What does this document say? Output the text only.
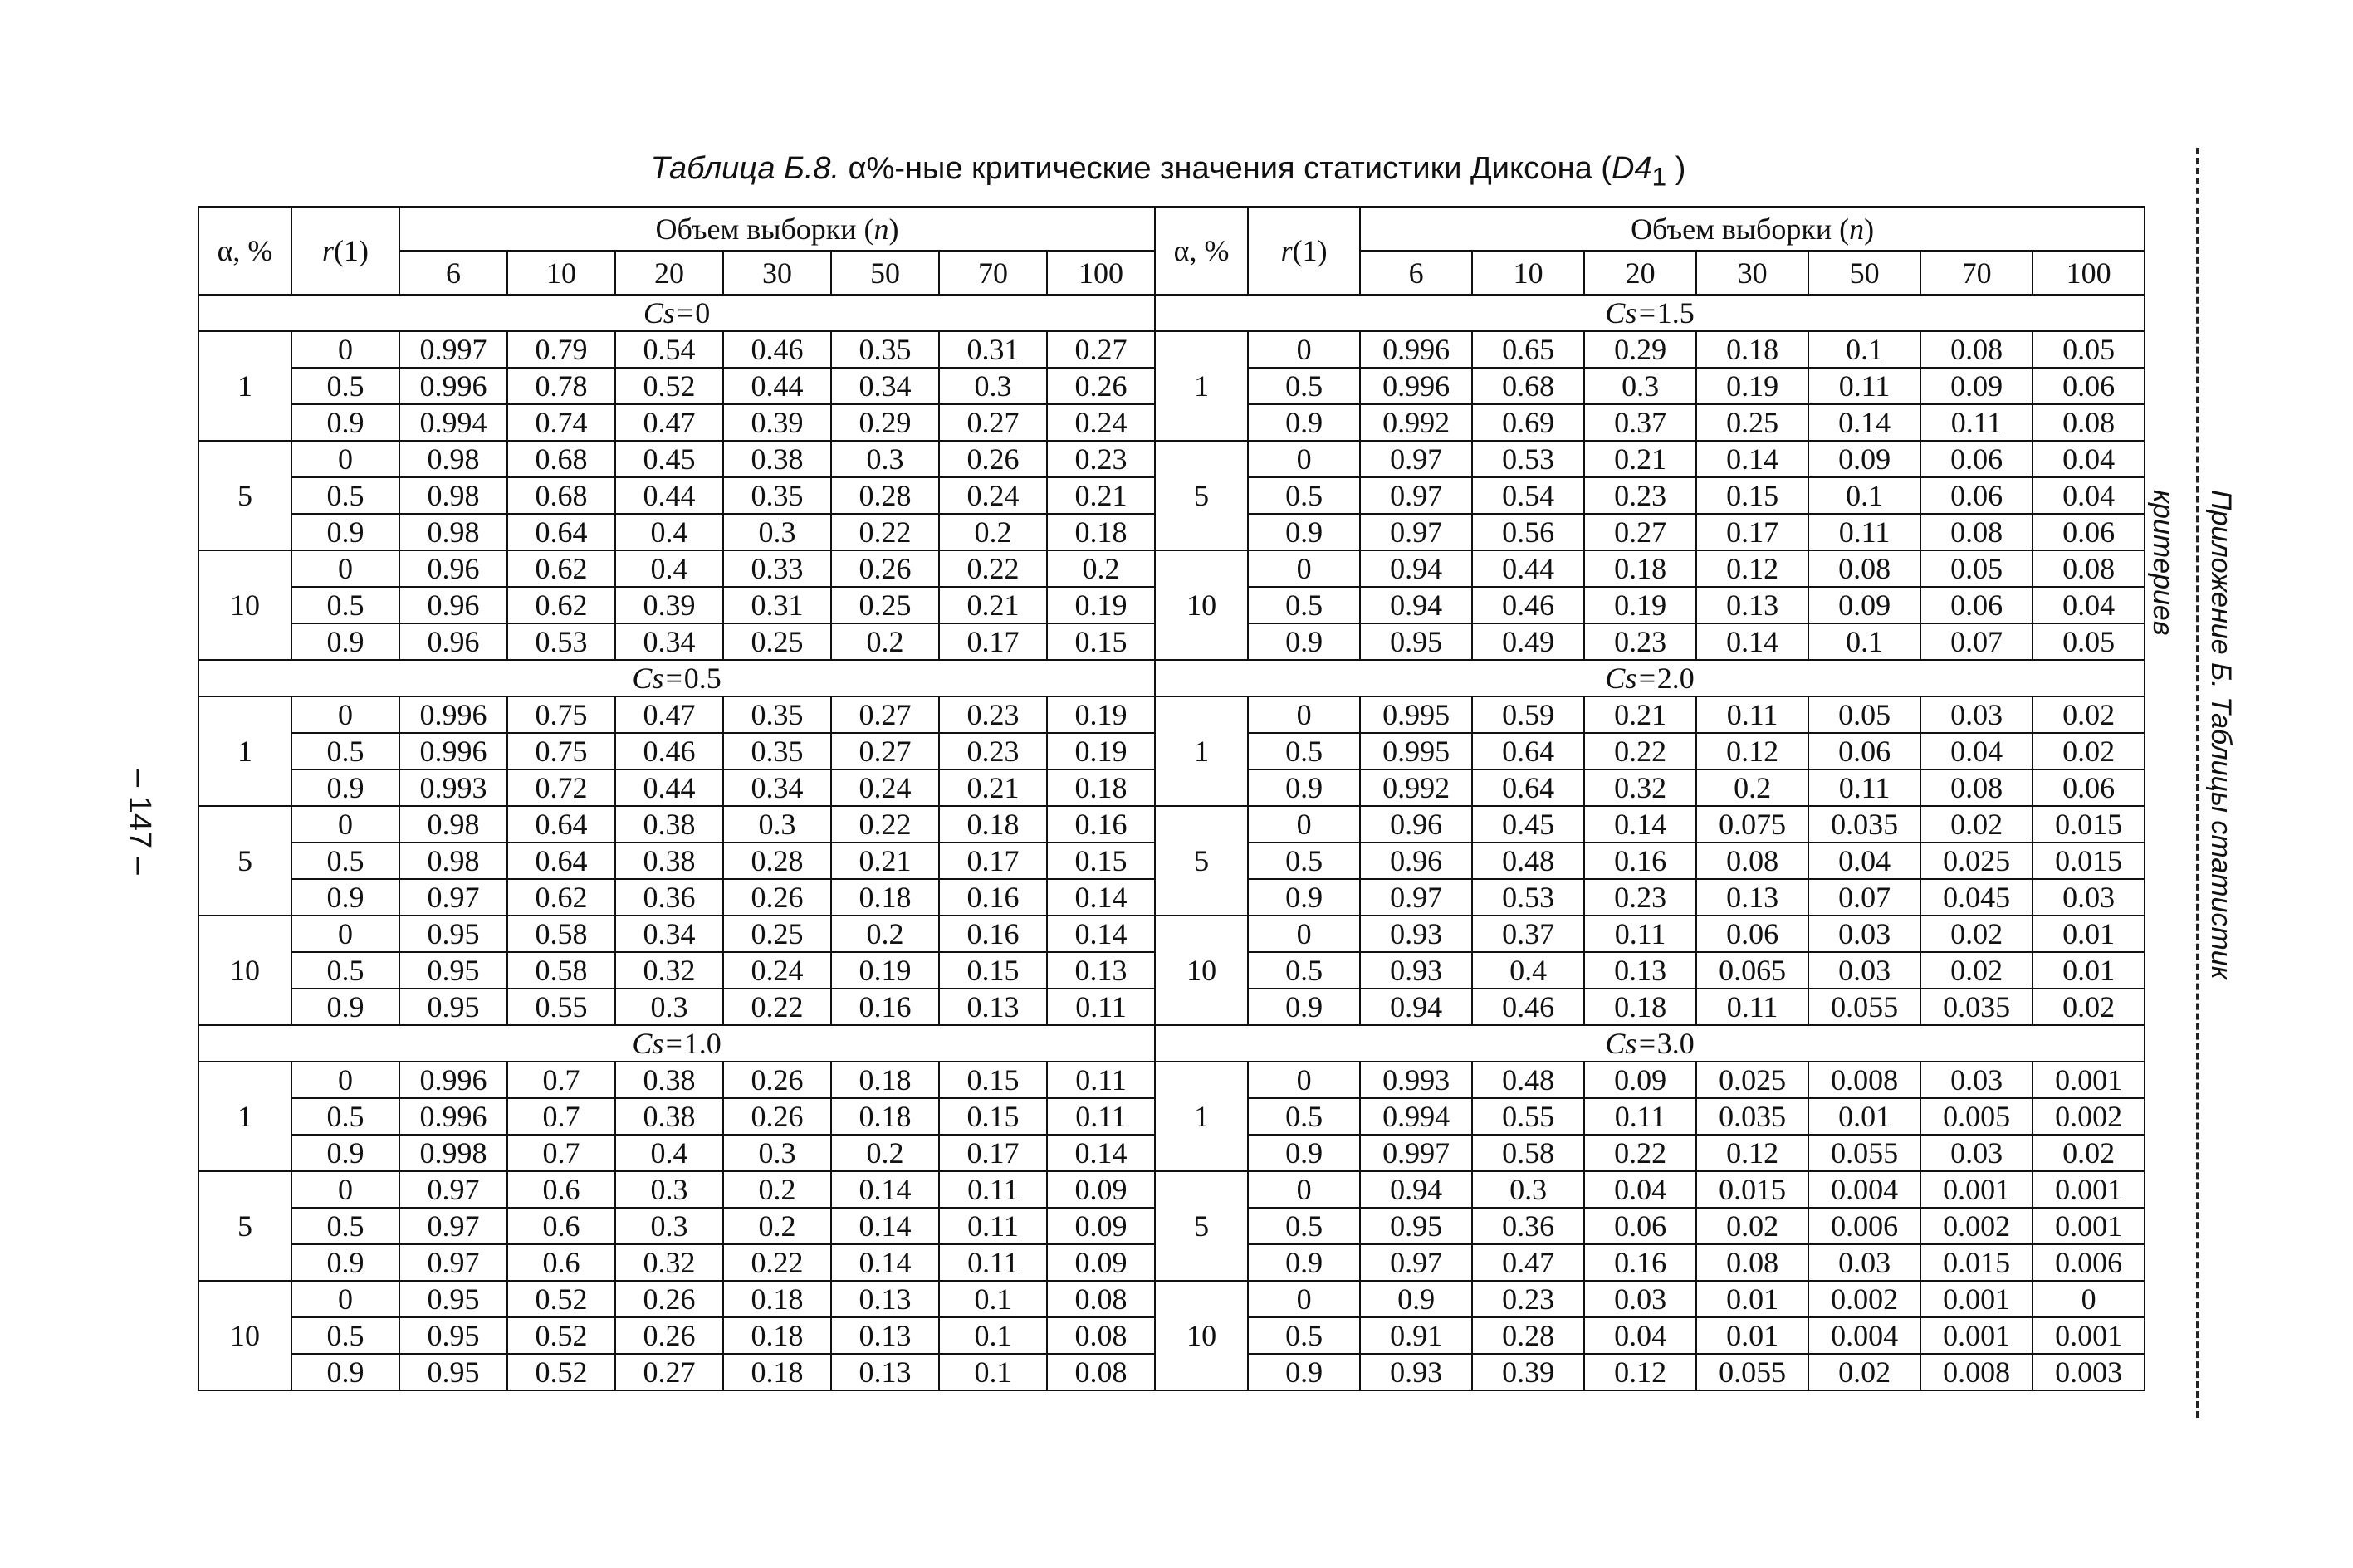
Таблица Б.8. α%-ные критические значения статистики Диксона ($D4_1$ )
α, %	r(1)	Объем выборки (n)							α, %	r(1)	Объем выборки (n)						
		6	10	20	30	50	70	100			6	10	20	30	50	70	100
Cs=0									Cs=1.5								
1	0	0.997	0.79	0.54	0.46	0.35	0.31	0.27	1	0	0.996	0.65	0.29	0.18	0.1	0.08	0.05
	0.5	0.996	0.78	0.52	0.44	0.34	0.3	0.26		0.5	0.996	0.68	0.3	0.19	0.11	0.09	0.06
	0.9	0.994	0.74	0.47	0.39	0.29	0.27	0.24		0.9	0.992	0.69	0.37	0.25	0.14	0.11	0.08
5	0	0.98	0.68	0.45	0.38	0.3	0.26	0.23	5	0	0.97	0.53	0.21	0.14	0.09	0.06	0.04
	0.5	0.98	0.68	0.44	0.35	0.28	0.24	0.21		0.5	0.97	0.54	0.23	0.15	0.1	0.06	0.04
	0.9	0.98	0.64	0.4	0.3	0.22	0.2	0.18		0.9	0.97	0.56	0.27	0.17	0.11	0.08	0.06
10	0	0.96	0.62	0.4	0.33	0.26	0.22	0.2	10	0	0.94	0.44	0.18	0.12	0.08	0.05	0.08
	0.5	0.96	0.62	0.39	0.31	0.25	0.21	0.19		0.5	0.94	0.46	0.19	0.13	0.09	0.06	0.04
	0.9	0.96	0.53	0.34	0.25	0.2	0.17	0.15		0.9	0.95	0.49	0.23	0.14	0.1	0.07	0.05
Cs=0.5									Cs=2.0								
1	0	0.996	0.75	0.47	0.35	0.27	0.23	0.19	1	0	0.995	0.59	0.21	0.11	0.05	0.03	0.02
	0.5	0.996	0.75	0.46	0.35	0.27	0.23	0.19		0.5	0.995	0.64	0.22	0.12	0.06	0.04	0.02
	0.9	0.993	0.72	0.44	0.34	0.24	0.21	0.18		0.9	0.992	0.64	0.32	0.2	0.11	0.08	0.06
5	0	0.98	0.64	0.38	0.3	0.22	0.18	0.16	5	0	0.96	0.45	0.14	0.075	0.035	0.02	0.015
	0.5	0.98	0.64	0.38	0.28	0.21	0.17	0.15		0.5	0.96	0.48	0.16	0.08	0.04	0.025	0.015
	0.9	0.97	0.62	0.36	0.26	0.18	0.16	0.14		0.9	0.97	0.53	0.23	0.13	0.07	0.045	0.03
10	0	0.95	0.58	0.34	0.25	0.2	0.16	0.14	10	0	0.93	0.37	0.11	0.06	0.03	0.02	0.01
	0.5	0.95	0.58	0.32	0.24	0.19	0.15	0.13		0.5	0.93	0.4	0.13	0.065	0.03	0.02	0.01
	0.9	0.95	0.55	0.3	0.22	0.16	0.13	0.11		0.9	0.94	0.46	0.18	0.11	0.055	0.035	0.02
Cs=1.0									Cs=3.0								
1	0	0.996	0.7	0.38	0.26	0.18	0.15	0.11	1	0	0.993	0.48	0.09	0.025	0.008	0.03	0.001
	0.5	0.996	0.7	0.38	0.26	0.18	0.15	0.11		0.5	0.994	0.55	0.11	0.035	0.01	0.005	0.002
	0.9	0.998	0.7	0.4	0.3	0.2	0.17	0.14		0.9	0.997	0.58	0.22	0.12	0.055	0.03	0.02
5	0	0.97	0.6	0.3	0.2	0.14	0.11	0.09	5	0	0.94	0.3	0.04	0.015	0.004	0.001	0.001
	0.5	0.97	0.6	0.3	0.2	0.14	0.11	0.09		0.5	0.95	0.36	0.06	0.02	0.006	0.002	0.001
	0.9	0.97	0.6	0.32	0.22	0.14	0.11	0.09		0.9	0.97	0.47	0.16	0.08	0.03	0.015	0.006
10	0	0.95	0.52	0.26	0.18	0.13	0.1	0.08	10	0	0.9	0.23	0.03	0.01	0.002	0.001	0
	0.5	0.95	0.52	0.26	0.18	0.13	0.1	0.08		0.5	0.91	0.28	0.04	0.01	0.004	0.001	0.001
	0.9	0.95	0.52	0.27	0.18	0.13	0.1	0.08		0.9	0.93	0.39	0.12	0.055	0.02	0.008	0.003
– 147 –	Приложение Б. Таблицы статистик критериев
